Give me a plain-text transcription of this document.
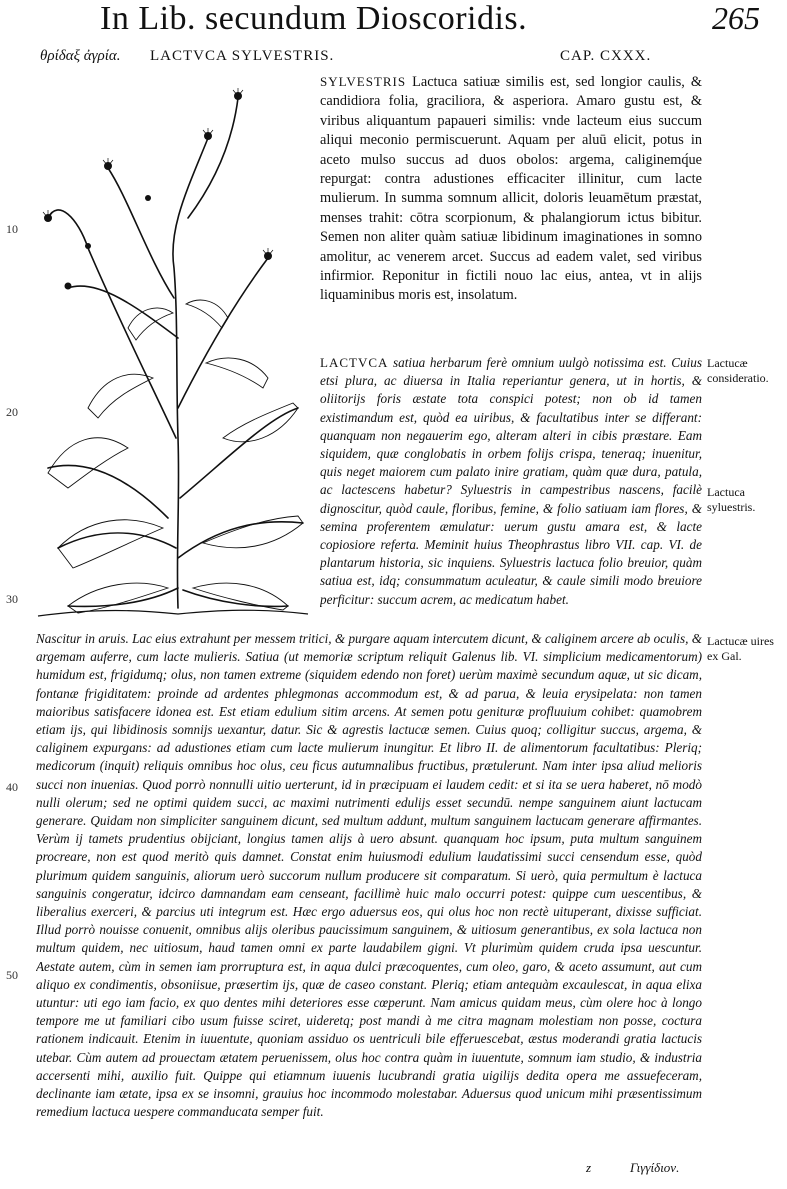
In Lib. secundum Dioscoridis.	265
θρίδαξ ἀγρία. LACTVCA SYLVESTRIS.	CAP. CXXX.
10
20
30
40
50

SYLVESTRIS Lactuca satiuæ similis est, sed longior caulis, & candidiora folia, graciliora, & asperiora. Amaro gustu est, & viribus aliquantum papaueri similis: vnde lacteum eius succum aliqui meconio permiscuerunt. Aquam per aluū elicit, potus in aceto mulso succus ad duos obolos: argema, caliginemq́ue repurgat: contra adustiones efficaciter illinitur, cum lacte mulierum. In summa somnum allicit, doloris leuamētum præstat, menses trahit: cōtra scorpionum, & phalangiorum ictus bibitur. Semen non aliter quàm satiuæ libidinum imaginationes in somno amolitur, ac venerem arcet. Succus ad eadem valet, sed viribus infirmior. Reponitur in fictili nouo lac eius, antea, vt in alijs liquaminibus moris est, insolatum.

LACTVCA satiua herbarum ferè omnium uulgò notissima est. Cuius etsi plura, ac diuersa in Italia reperiantur genera, ut in hortis, & oliitorijs foris æstate tota conspici potest; non ob id tamen existimandum est, quòd ea uiribus, & facultatibus inter se differant: quanquam non negauerim ego, alteram alteri in cibis præstare. Eam siquidem, quæ conglobatis in orbem folijs crispa, teneraq; inuenitur, quis neget maiorem cum palato inire gratiam, quàm quæ dura, patula, ac lactescens habetur? Syluestris in campestribus nascens, facilè dignoscitur, quòd caule, floribus, femine, & folio satiuam iam flores, & semina proferentem æmulatur: uerum gustu amara est, & lacte copiosiore referta. Meminit huius Theophrastus libro VII. cap. VI. de plantarum historia, sic inquiens. Syluestris lactuca folio breuior, quàm satiua est, idq; consummatum aculeatur, & caule simili modo breuiore perficitur: succum acrem, ac medicatum habet.

Nascitur in aruis. Lac eius extrahunt per messem tritici, & purgare aquam intercutem dicunt, & caliginem arcere ab oculis, & argemam auferre, cum lacte mulieris. Satiua (ut memoriæ scriptum reliquit Galenus lib. VI. simplicium medicamentorum) humidum est, frigidumq; olus, non tamen extreme (siquidem edendo non foret) uerùm maximè secundum aquæ, ut sic dicam, fontanæ frigiditatem: proinde ad ardentes phlegmonas accommodum est, & ad parua, & leuia erysipelata: non tamen maioribus satisfacere idonea est. Est etiam edulium sitim arcens. At semen potu genituræ profluuium cohibet: quamobrem etiam ijs, qui libidinosis somnijs uexantur, datur. Sic & agrestis lactucæ semen. Cuius quoq; colligitur succus, argema, & caliginem expurgans: ad adustiones etiam cum lacte mulierum inungitur. Et libro II. de alimentorum facultatibus: Pleriq; medicorum (inquit) reliquis omnibus hoc olus, ceu ficus autumnalibus fructibus, prætulerunt. Nam inter ipsa aliud melioris succi non inuenias. Quod porrò nonnulli uitio uerterunt, id in præcipuam ei laudem cedit: et si ita se uera haberet, nō modò nulli olerum; sed ne optimi quidem succi, ac maximi nutrimenti edulijs esset secundū. nempe sanguinem aiunt lactucam generare. Quidam non simpliciter sanguinem dicunt, sed multum addunt, multum sanguinem lactucam generare affirmantes. Verùm ij tamets prudentius obijciant, longius tamen alijs à uero absunt. quanquam hoc ipsum, puta multum sanguinem procreare, non est quod meritò quis damnet. Constat enim huiusmodi edulium laudatissimi succi censendum esse, quòd plurimum quidem sanguinis, aliorum uerò succorum nullum producere sit comparatum. Si uerò, quia permultum è lactuca sanguinis congeratur, idcirco damnandam eam censeant, facillimè huic malo occurri potest: quippe cum uescentibus, & liberalius exerceri, & parcius uti integrum est. Hæc ergo aduersus eos, qui olus hoc non rectè uituperant, dixisse sufficiat. Illud porrò nouisse conuenit, omnibus alijs oleribus paucissimum sanguinem, & uitiosum generantibus, ex sola lactuca non multum quidem, nec uitiosum, haud tamen omni ex parte laudabilem gigni. Vt plurimùm quidem cruda ipsa uescuntur. Aestate autem, cùm in semen iam prorruptura est, in aqua dulci præcoquentes, cum oleo, garo, & aceto assumunt, aut cum aliquo ex condimentis, obsoniisue, præsertim ijs, quæ de caseo constant. Pleriq; etiam antequàm excaulescat, in aqua elixa utuntur: uti ego iam facio, ex quo dentes mihi deteriores esse cœperunt. Nam amicus quidam meus, cùm olere hoc à longo tempore me ut familiari cibo usum fuisse sciret, uideretq; post mandi à me citra magnam molestiam non posse, coctura rationem indicauit. Etenim in iuuentute, quoniam assiduo os uentriculi bile efferuescebat, æstus moderandi gratia lactucis utebar. Cùm autem ad prouectam ætatem peruenissem, olus hoc contra quàm in iuuentute, somnum iam studio, & industria accersenti mihi, auxilio fuit. Quippe qui etiamnum iuuenis lucubrandi gratia uigilijs dedita opera me assuefeceram, declinante iam ætate, ipsa ex se insomni, grauius hoc incommodo molestabar. Aduersus quod unicum mihi præsentissimum remedium lactuca uespere commanducata semper fuit.

Lactucæ consideratio.
Lactuca syluestris.
Lactucæ uires ex Gal.
z	Γιγγίδιον.
